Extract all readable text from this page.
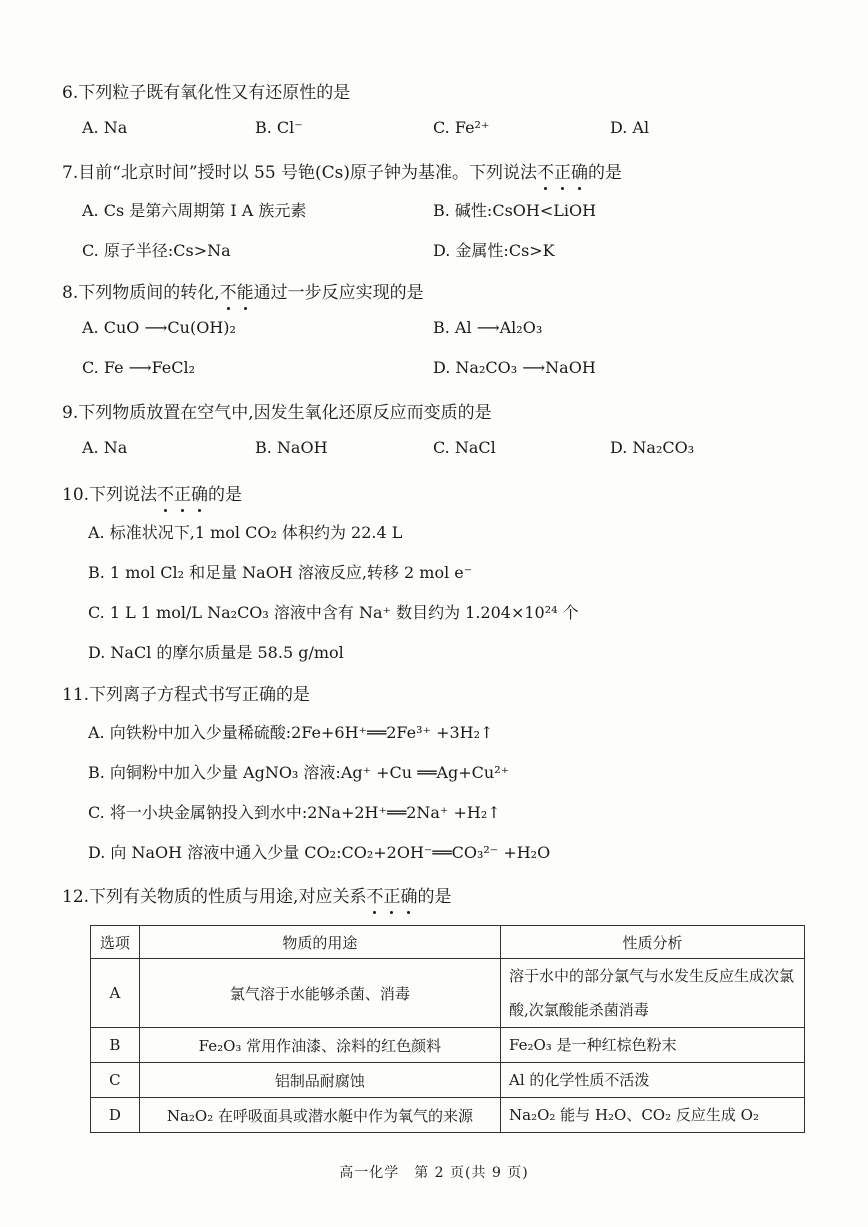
6.下列粒子既有氧化性又有还原性的是
A. Na	B. Cl⁻	C. Fe²⁺	D. Al
7.目前“北京时间”授时以 55 号铯(Cs)原子钟为基准。下列说法不正确的是
A. Cs 是第六周期第 Ⅰ A 族元素	B. 碱性:CsOH<LiOH
C. 原子半径:Cs>Na	D. 金属性:Cs>K
8.下列物质间的转化,不能通过一步反应实现的是
A. CuO ⟶Cu(OH)₂	B. Al ⟶Al₂O₃
C. Fe ⟶FeCl₂	D. Na₂CO₃ ⟶NaOH
9.下列物质放置在空气中,因发生氧化还原反应而变质的是
A. Na	B. NaOH	C. NaCl	D. Na₂CO₃
10.下列说法不正确的是
A. 标准状况下,1 mol CO₂ 体积约为 22.4 L
B. 1 mol Cl₂ 和足量 NaOH 溶液反应,转移 2 mol e⁻
C. 1 L 1 mol/L Na₂CO₃ 溶液中含有 Na⁺ 数目约为 1.204×10²⁴ 个
D. NaCl 的摩尔质量是 58.5 g/mol
11.下列离子方程式书写正确的是
A. 向铁粉中加入少量稀硫酸:2Fe+6H⁺══2Fe³⁺ +3H₂↑
B. 向铜粉中加入少量 AgNO₃ 溶液:Ag⁺ +Cu ══Ag+Cu²⁺
C. 将一小块金属钠投入到水中:2Na+2H⁺══2Na⁺ +H₂↑
D. 向 NaOH 溶液中通入少量 CO₂:CO₂+2OH⁻══CO₃²⁻ +H₂O
12.下列有关物质的性质与用途,对应关系不正确的是
选项	物质的用途	性质分析
A	氯气溶于水能够杀菌、消毒	溶于水中的部分氯气与水发生反应生成次氯酸,次氯酸能杀菌消毒
B	Fe₂O₃ 常用作油漆、涂料的红色颜料	Fe₂O₃ 是一种红棕色粉末
C	铝制品耐腐蚀	Al 的化学性质不活泼
D	Na₂O₂ 在呼吸面具或潜水艇中作为氧气的来源	Na₂O₂ 能与 H₂O、CO₂ 反应生成 O₂
高一化学　第 2 页(共 9 页)
